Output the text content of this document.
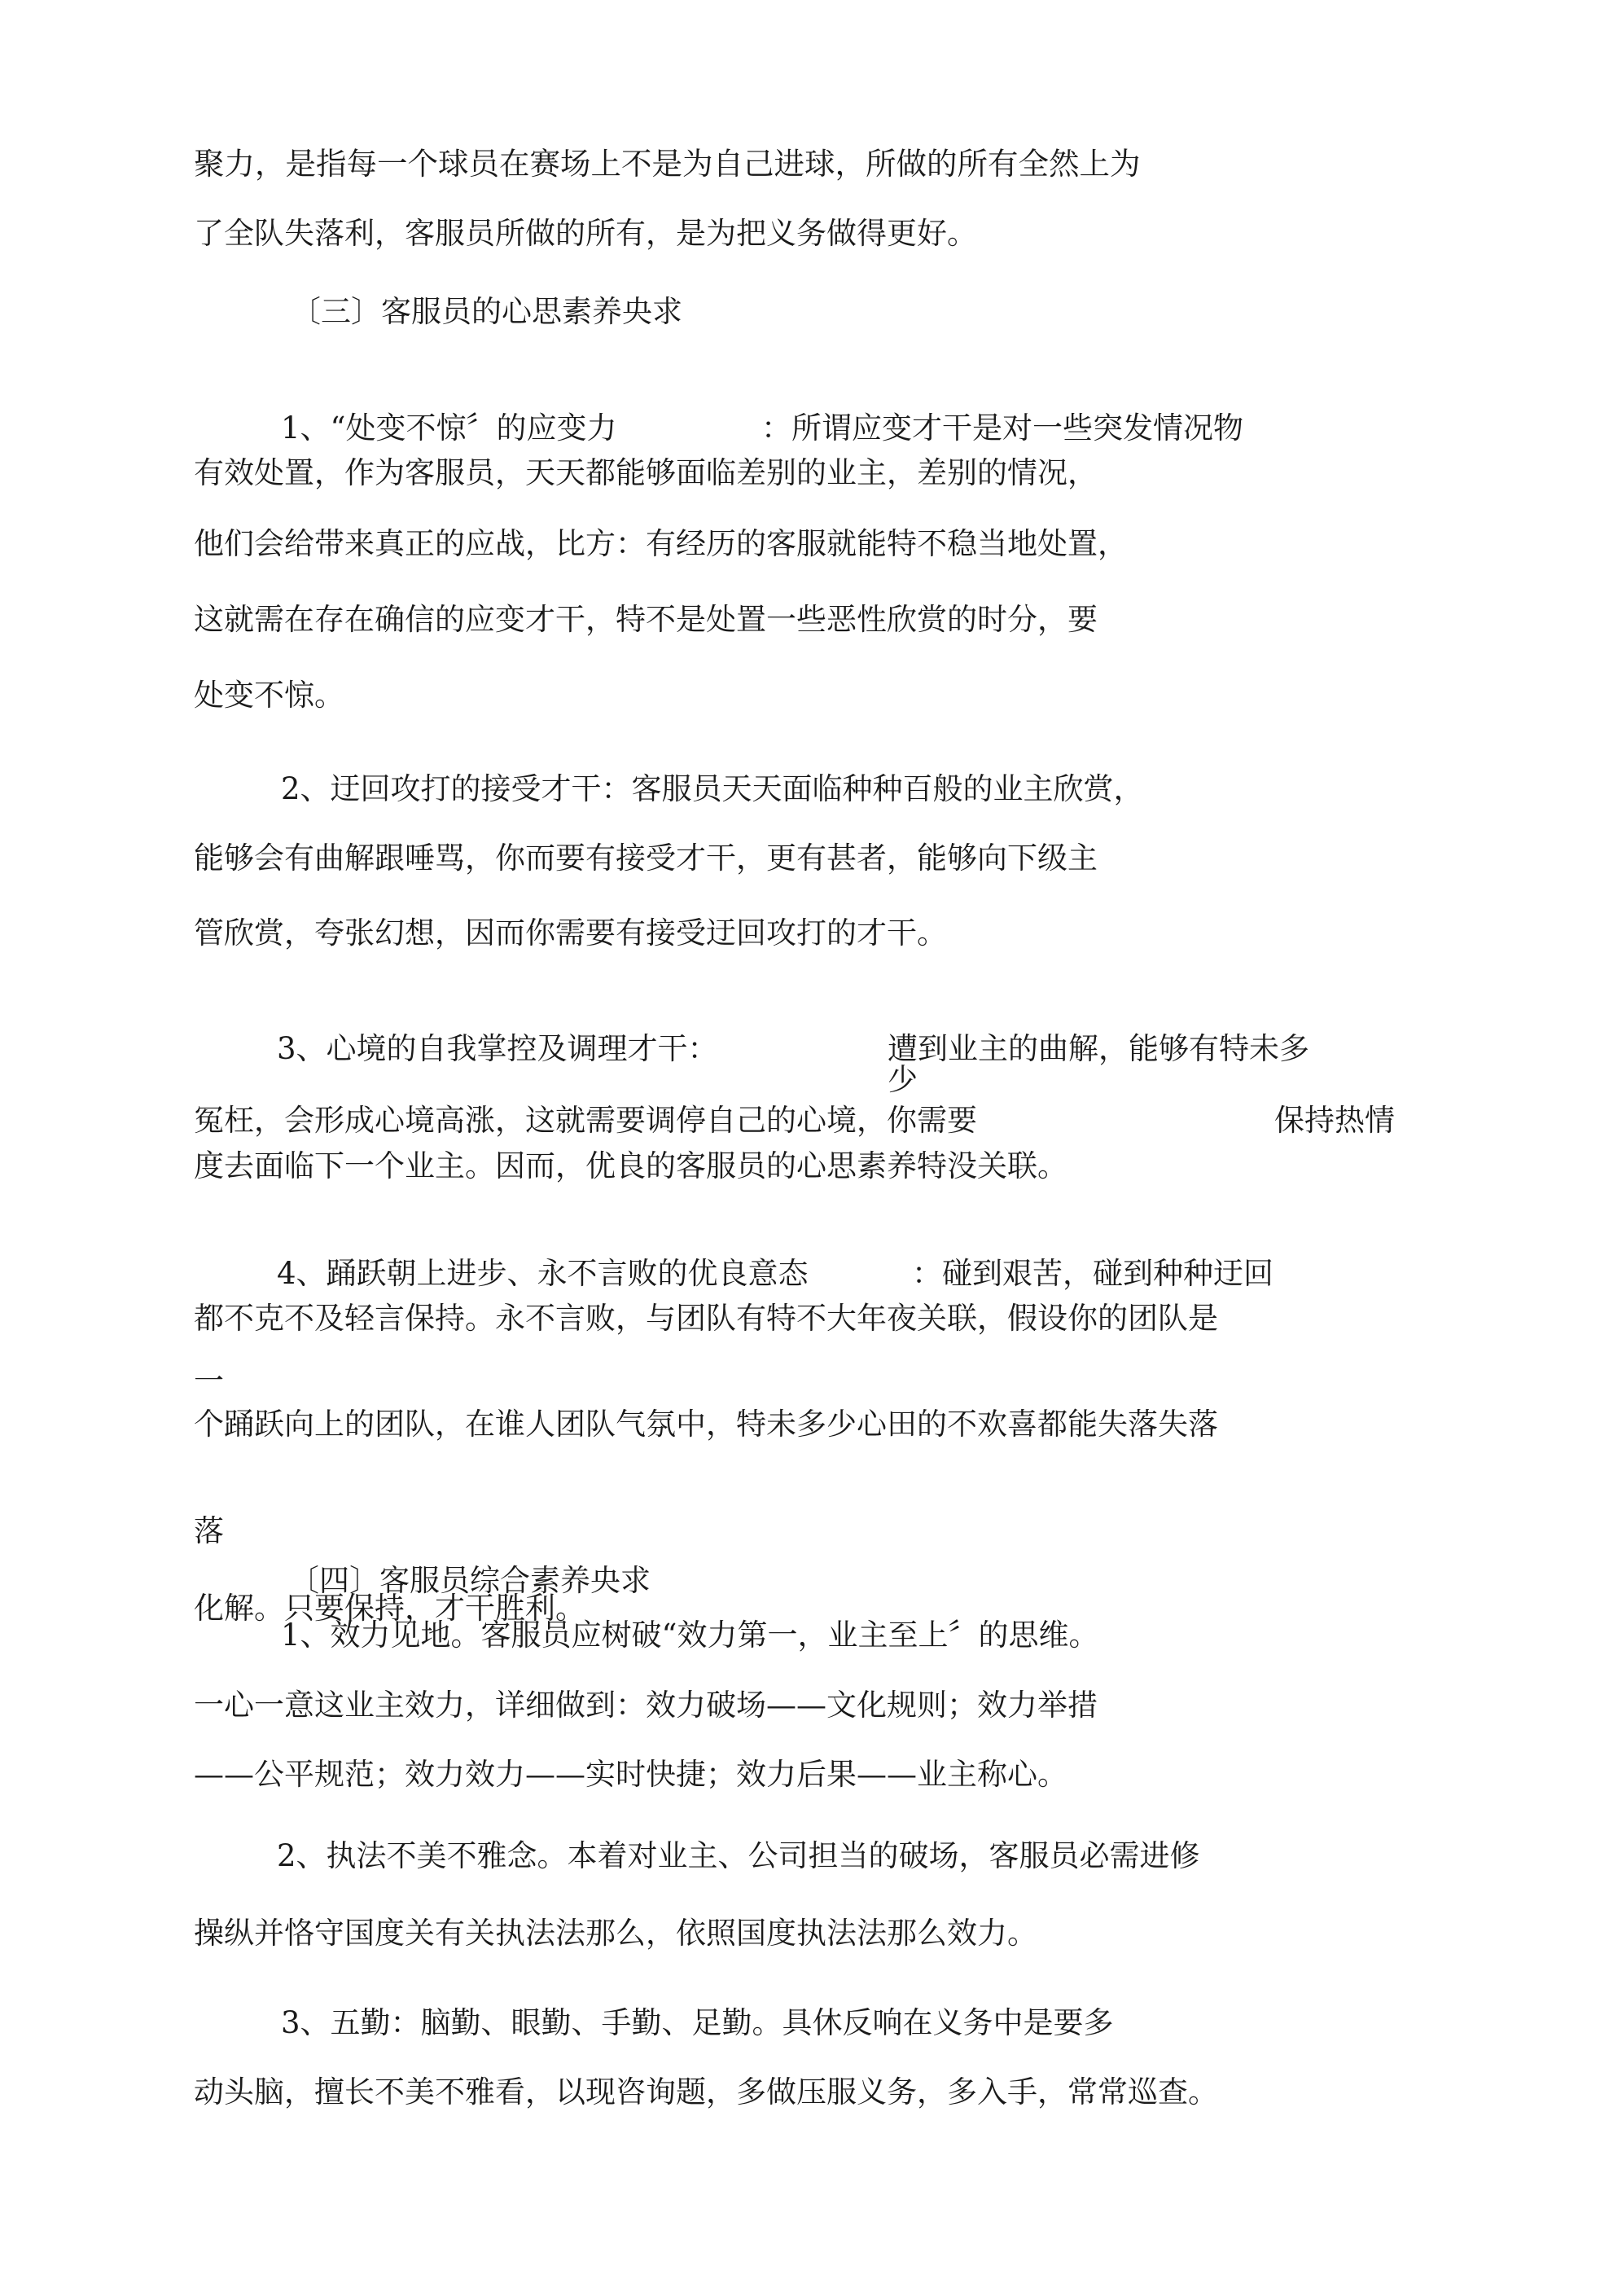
聚力，是指每一个球员在赛场上不是为自己进球，所做的所有全然上为

了全队失落利，客服员所做的所有，是为把义务做得更好。

〔三〕客服员的心思素养央求

1、“处变不惊〞的应变力	：所谓应变才干是对一些突发情况物

有效处置，作为客服员，天天都能够面临差别的业主，差别的情况，

他们会给带来真正的应战，比方：有经历的客服就能特不稳当地处置，

这就需在存在确信的应变才干，特不是处置一些恶性欣赏的时分，要

处变不惊。

2、迂回攻打的接受才干：客服员天天面临种种百般的业主欣赏，

能够会有曲解跟唾骂，你而要有接受才干，更有甚者，能够向下级主

管欣赏，夸张幻想，因而你需要有接受迂回攻打的才干。

3、心境的自我掌控及调理才干：	遭到业主的曲解，能够有特未多

少

冤枉，会形成心境高涨，这就需要调停自己的心境，你需要	保持热情

度去面临下一个业主。因而，优良的客服员的心思素养特没关联。

4、踊跃朝上进步、永不言败的优良意态	：碰到艰苦，碰到种种迂回

都不克不及轻言保持。永不言败，与团队有特不大年夜关联，假设你的团队是

一

个踊跃向上的团队，在谁人团队气氛中，特未多少心田的不欢喜都能失落失落

落

〔四〕客服员综合素养央求

化解。只要保持，才干胜利。

1、效力见地。客服员应树破“效力第一，业主至上〞的思维。

一心一意这业主效力，详细做到：效力破场——文化规则；效力举措

——公平规范；效力效力——实时快捷；效力后果——业主称心。

2、执法不美不雅念。本着对业主、公司担当的破场，客服员必需进修

操纵并恪守国度关有关执法法那么，依照国度执法法那么效力。

3、五勤：脑勤、眼勤、手勤、足勤。具休反响在义务中是要多

动头脑，擅长不美不雅看，以现咨询题，多做压服义务，多入手，常常巡查。
